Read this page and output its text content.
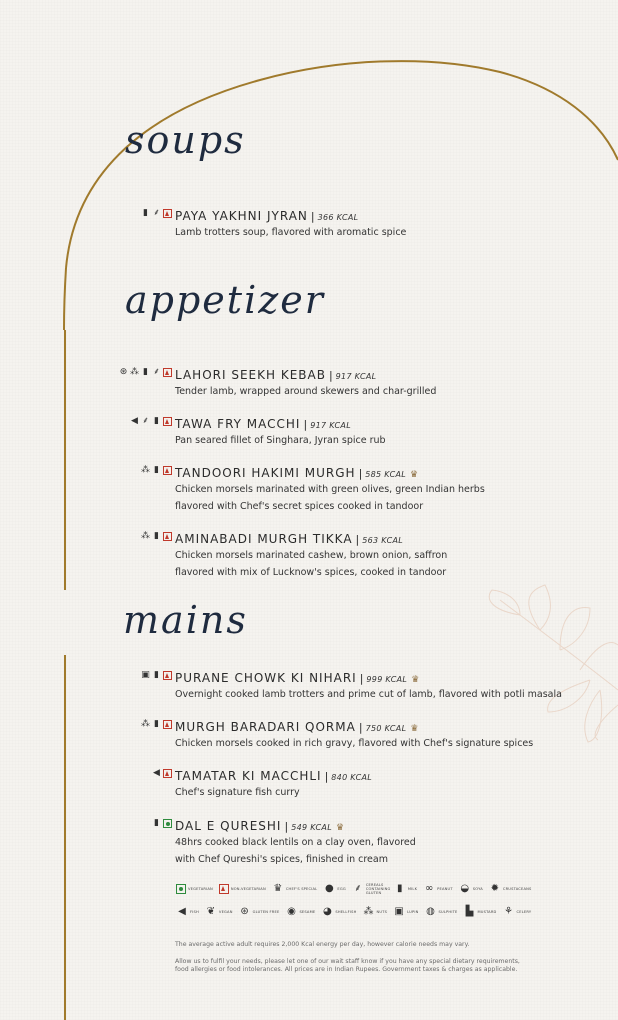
soups
▮ ⸙ PAYA YAKHNI JYRAN | 366 KCAL
Lamb trotters soup, flavored with aromatic spice
appetizer
⊛ ⁂ ▮ ⸙ LAHORI SEEKH KEBAB | 917 KCAL
Tender lamb, wrapped around skewers and char-grilled
◀ ⸙ ▮ TAWA FRY MACCHI | 917 KCAL
Pan seared fillet of Singhara, Jyran spice rub
⁂ ▮ TANDOORI HAKIMI MURGH | 585 KCAL ♛
Chicken morsels marinated with green olives, green Indian herbs
flavored with Chef's secret spices cooked in tandoor
⁂ ▮ AMINABADI MURGH TIKKA | 563 KCAL
Chicken morsels marinated cashew, brown onion, saffron
flavored with mix of Lucknow's spices, cooked in tandoor
mains
▣ ▮ PURANE CHOWK KI NIHARI | 999 KCAL ♛
Overnight cooked lamb trotters and prime cut of lamb, flavored with potli masala
⁂ ▮ MURGH BARADARI QORMA | 750 KCAL ♛
Chicken morsels cooked in rich gravy, flavored with Chef's signature spices
◀ TAMATAR KI MACCHLI | 840 KCAL
Chef's signature fish curry
▮ DAL E QURESHI | 549 KCAL ♛
48hrs cooked black lentils on a clay oven, flavored
with Chef Qureshi's spices, finished in cream
VEGETARIAN	NON-VEGETARIAN ♛ CHEF'S SPECIAL ●	EGG ⸙	CEREALS CONTAINING GLUTEN	▮	MILK ∞	PEANUT ◒	SOYA ✹	CRUSTACEANS
◀	FISH ❦	VEGAN ⊛	GLUTEN FREE ◉	SESAME ◕	SHELLFISH ⁂ NUTS ▣ LUPIN ◍	SULPHITE ▙	MUSTARD ⚘ CELERY
The average active adult requires 2,000 Kcal energy per day, however calorie needs may vary.
Allow us to fulfil your needs, please let one of our wait staff know if you have any special dietary requirements,
food allergies or food intolerances. All prices are in Indian Rupees. Government taxes & charges as applicable.
